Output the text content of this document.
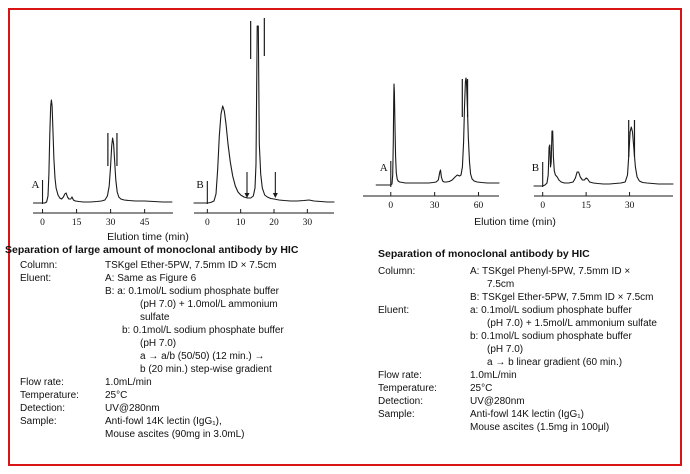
0	15	30	45
A
0	10	20	30
B
Elution time (min)
0	30	60
A
0	15	30
B
Elution time (min)
Separation of large amount of monoclonal antibody by HIC	Separation of monoclonal antibody by HIC
Column:	TSKgel Ether-5PW, 7.5mm ID × 7.5cm
Eluent:	A: Same as Figure 6
B: a: 0.1mol/L sodium phosphate buffer
(pH 7.0) + 1.0mol/L ammonium
sulfate
b: 0.1mol/L sodium phosphate buffer
(pH 7.0)
a → a/b (50/50) (12 min.) →
b (20 min.) step-wise gradient
Flow rate:	1.0mL/min
Temperature:	25°C
Detection:	UV@280nm
Sample:	Anti-fowl 14K lectin (IgG₁),
Mouse ascites (90mg in 3.0mL)
Column:	A: TSKgel Phenyl-5PW, 7.5mm ID ×
7.5cm
B: TSKgel Ether-5PW, 7.5mm ID × 7.5cm
Eluent:	a: 0.1mol/L sodium phosphate buffer
(pH 7.0) + 1.5mol/L ammonium sulfate
b: 0.1mol/L sodium phosphate buffer
(pH 7.0)
a → b linear gradient (60 min.)
Flow rate:	1.0mL/min
Temperature:	25°C
Detection:	UV@280nm
Sample:	Anti-fowl 14K lectin (IgG₁)
Mouse ascites (1.5mg in 100μl)
